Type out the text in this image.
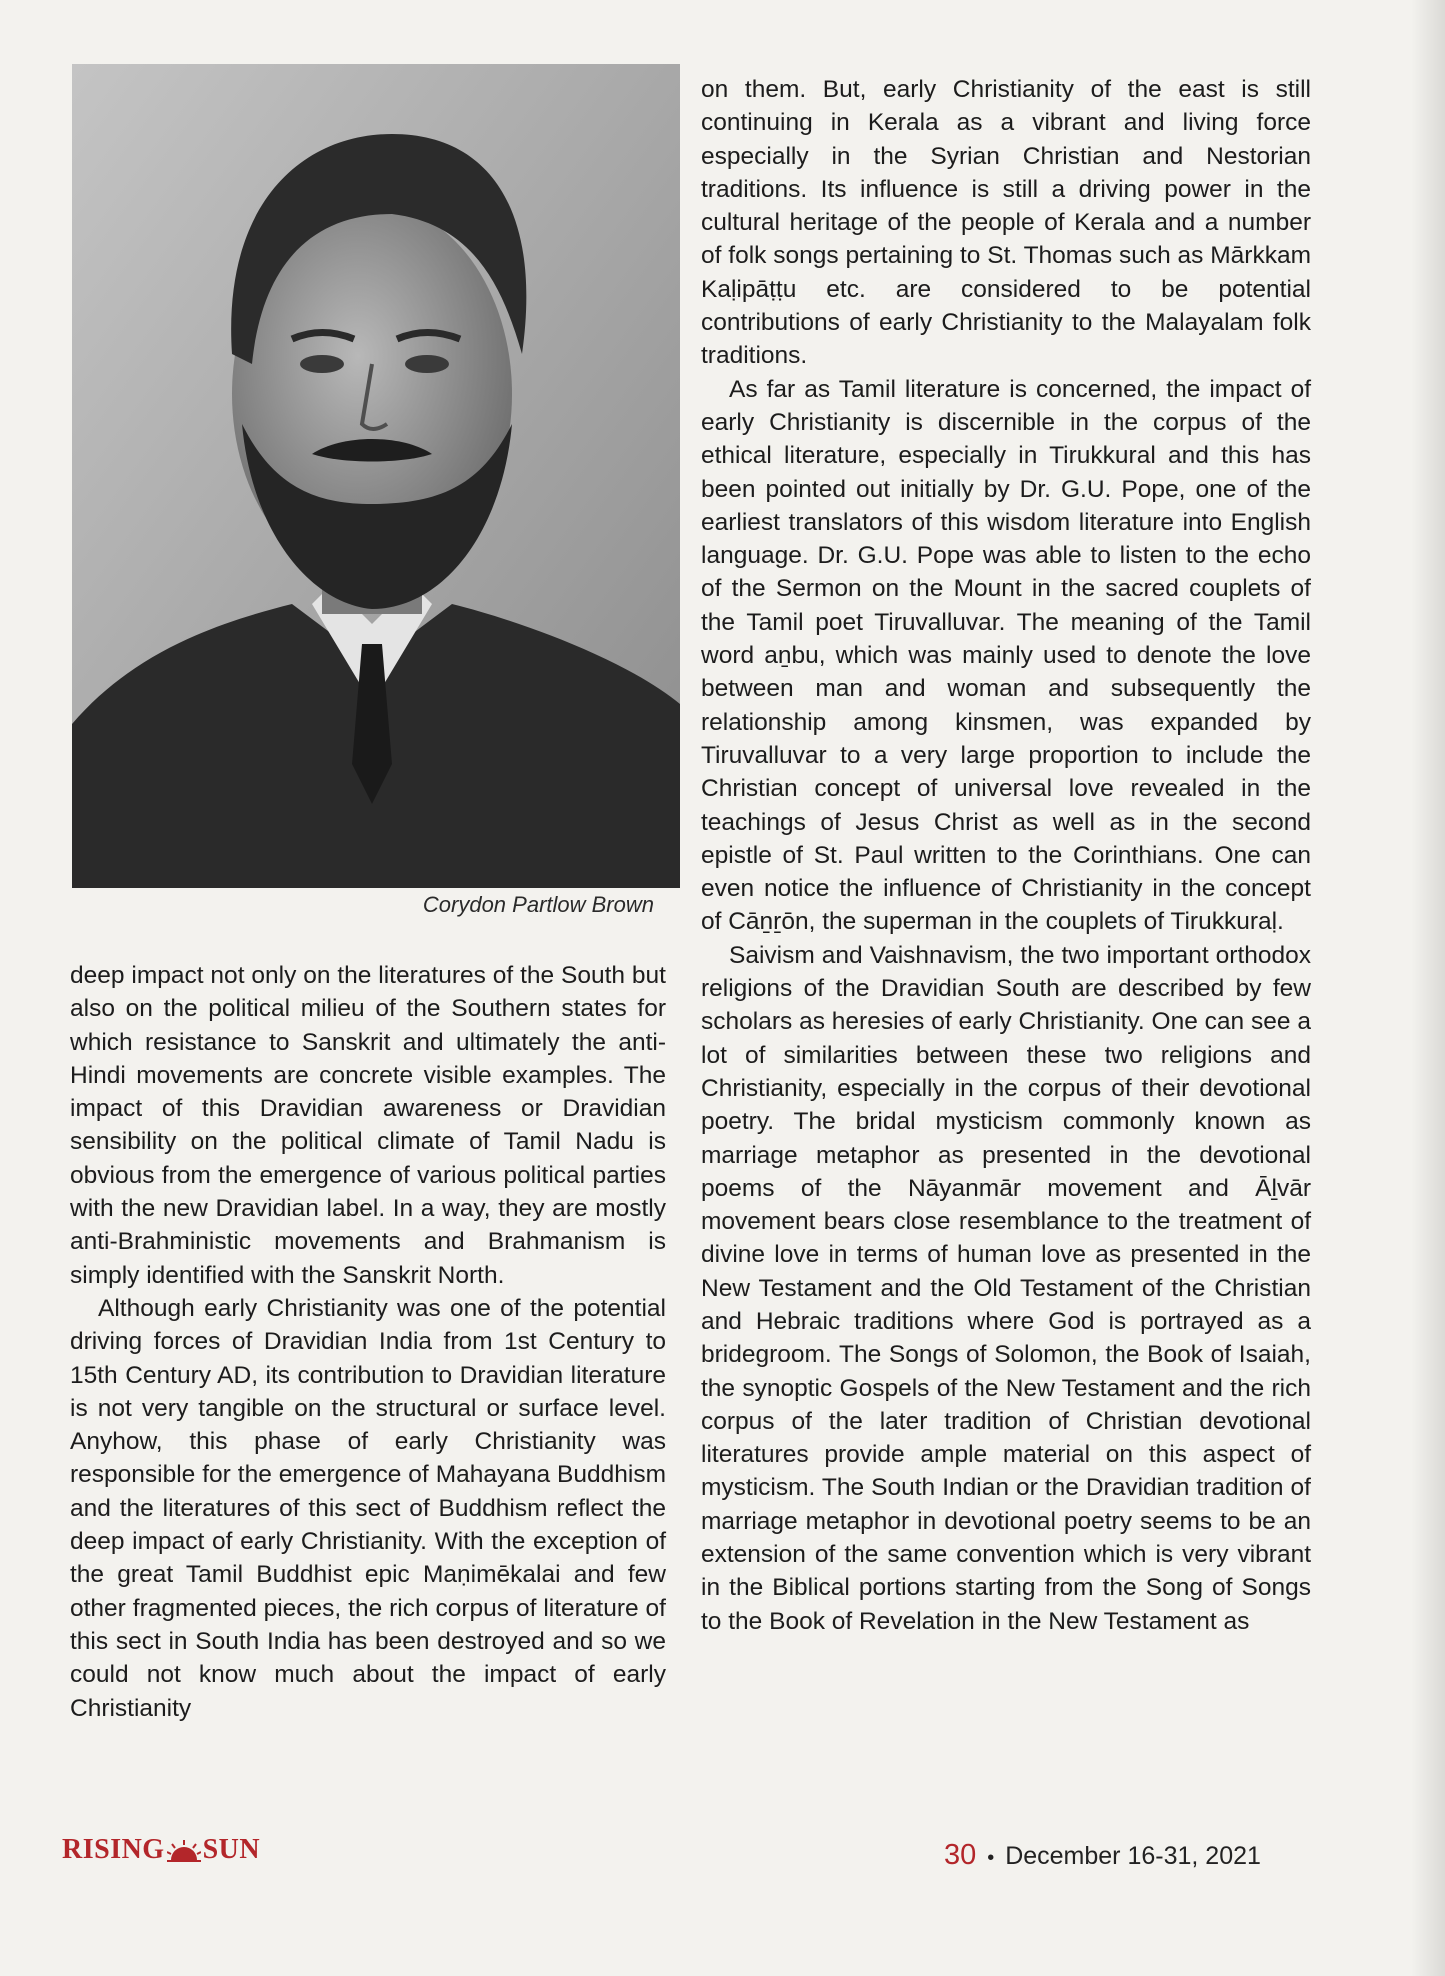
Corydon Partlow Brown

deep impact not only on the literatures of the South but also on the political milieu of the Southern states for which resistance to Sanskrit and ultimately the anti-Hindi movements are concrete visible examples. The impact of this Dravidian awareness or Dravidian sensibility on the political climate of Tamil Nadu is obvious from the emergence of various political parties with the new Dravidian label. In a way, they are mostly anti-Brahministic movements and Brahmanism is simply identified with the Sanskrit North.

Although early Christianity was one of the potential driving forces of Dravidian India from 1st Century to 15th Century AD, its contribution to Dravidian literature is not very tangible on the structural or surface level. Anyhow, this phase of early Christianity was responsible for the emergence of Mahayana Buddhism and the literatures of this sect of Buddhism reflect the deep impact of early Christianity. With the exception of the great Tamil Buddhist epic Maṇimēkalai and few other fragmented pieces, the rich corpus of literature of this sect in South India has been destroyed and so we could not know much about the impact of early Christianity

on them. But, early Christianity of the east is still continuing in Kerala as a vibrant and living force especially in the Syrian Christian and Nestorian traditions. Its influence is still a driving power in the cultural heritage of the people of Kerala and a number of folk songs pertaining to St. Thomas such as Mārkkam Kaḷipāṭṭu etc. are considered to be potential contributions of early Christianity to the Malayalam folk traditions.

As far as Tamil literature is concerned, the impact of early Christianity is discernible in the corpus of the ethical literature, especially in Tirukkural and this has been pointed out initially by Dr. G.U. Pope, one of the earliest translators of this wisdom literature into English language. Dr. G.U. Pope was able to listen to the echo of the Sermon on the Mount in the sacred couplets of the Tamil poet Tiruvalluvar. The meaning of the Tamil word aṉbu, which was mainly used to denote the love between man and woman and subsequently the relationship among kinsmen, was expanded by Tiruvalluvar to a very large proportion to include the Christian concept of universal love revealed in the teachings of Jesus Christ as well as in the second epistle of St. Paul written to the Corinthians. One can even notice the influence of Christianity in the concept of Cāṉṟōn, the superman in the couplets of Tirukkuraḷ.

Saivism and Vaishnavism, the two important orthodox religions of the Dravidian South are described by few scholars as heresies of early Christianity. One can see a lot of similarities between these two religions and Christianity, especially in the corpus of their devotional poetry. The bridal mysticism commonly known as marriage metaphor as presented in the devotional poems of the Nāyanmār movement and Āḻvār movement bears close resemblance to the treatment of divine love in terms of human love as presented in the New Testament and the Old Testament of the Christian and Hebraic traditions where God is portrayed as a bridegroom. The Songs of Solomon, the Book of Isaiah, the synoptic Gospels of the New Testament and the rich corpus of the later tradition of Christian devotional literatures provide ample material on this aspect of mysticism. The South Indian or the Dravidian tradition of marriage metaphor in devotional poetry seems to be an extension of the same convention which is very vibrant in the Biblical portions starting from the Song of Songs to the Book of Revelation in the New Testament as

RISING SUN	30 • December 16-31, 2021
